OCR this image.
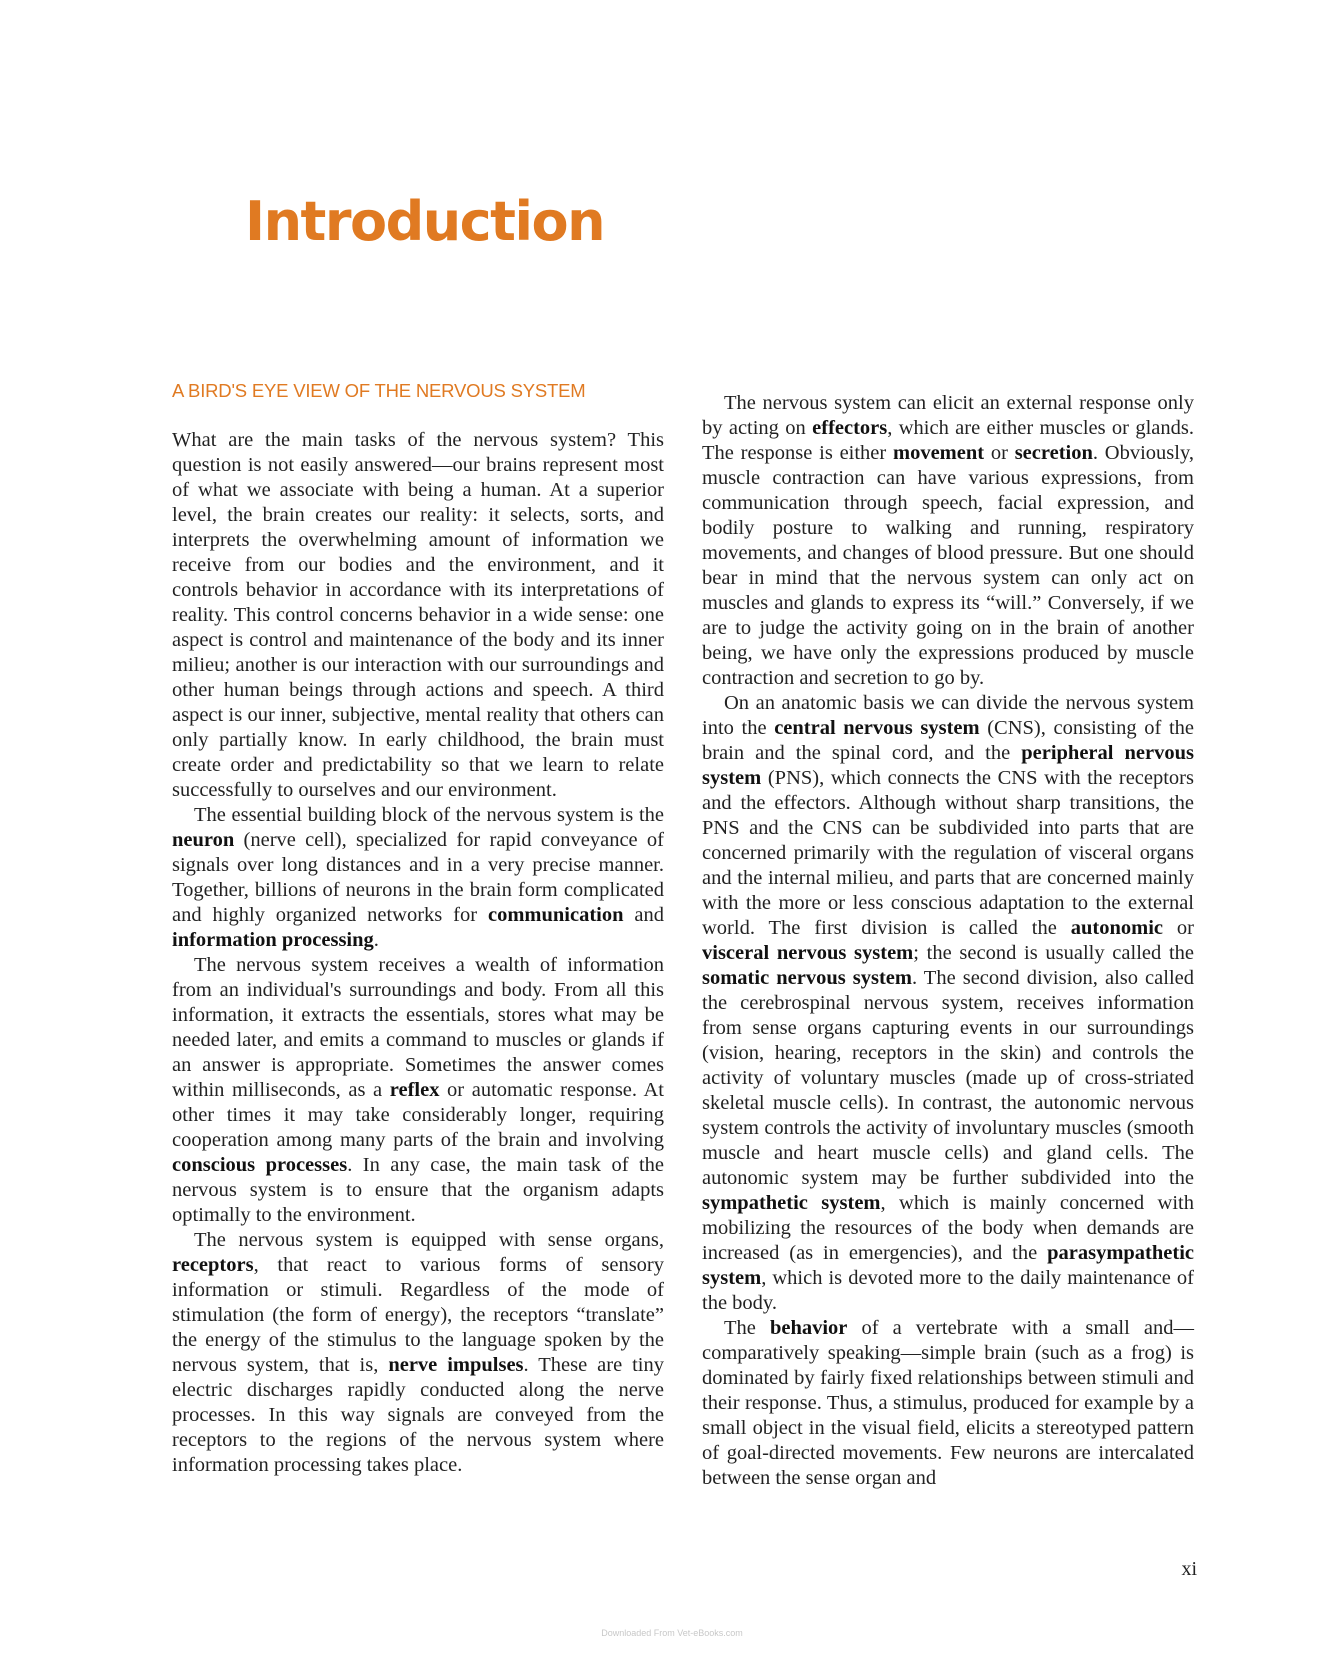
Introduction
A BIRD'S EYE VIEW OF THE NERVOUS SYSTEM

What are the main tasks of the nervous system? This question is not easily answered—our brains represent most of what we associate with being a human. At a superior level, the brain creates our reality: it selects, sorts, and interprets the overwhelming amount of information we receive from our bodies and the environment, and it controls behavior in accordance with its interpretations of reality. This control concerns behavior in a wide sense: one aspect is control and maintenance of the body and its inner milieu; another is our interaction with our surroundings and other human beings through actions and speech. A third aspect is our inner, subjective, mental reality that others can only partially know. In early childhood, the brain must create order and predictability so that we learn to relate successfully to ourselves and our environment.

The essential building block of the nervous system is the neuron (nerve cell), specialized for rapid conveyance of signals over long distances and in a very precise manner. Together, billions of neurons in the brain form complicated and highly organized networks for communication and information processing.

The nervous system receives a wealth of information from an individual's surroundings and body. From all this information, it extracts the essentials, stores what may be needed later, and emits a command to muscles or glands if an answer is appropriate. Sometimes the answer comes within milliseconds, as a reflex or automatic response. At other times it may take considerably longer, requiring cooperation among many parts of the brain and involving conscious processes. In any case, the main task of the nervous system is to ensure that the organism adapts optimally to the environment.

The nervous system is equipped with sense organs, receptors, that react to various forms of sensory information or stimuli. Regardless of the mode of stimulation (the form of energy), the receptors “translate” the energy of the stimulus to the language spoken by the nervous system, that is, nerve impulses. These are tiny electric discharges rapidly conducted along the nerve processes. In this way signals are conveyed from the receptors to the regions of the nervous system where information processing takes place.

The nervous system can elicit an external response only by acting on effectors, which are either muscles or glands. The response is either movement or secretion. Obviously, muscle contraction can have various expressions, from communication through speech, facial expression, and bodily posture to walking and running, respiratory movements, and changes of blood pressure. But one should bear in mind that the nervous system can only act on muscles and glands to express its “will.” Conversely, if we are to judge the activity going on in the brain of another being, we have only the expressions produced by muscle contraction and secretion to go by.

On an anatomic basis we can divide the nervous system into the central nervous system (CNS), consisting of the brain and the spinal cord, and the peripheral nervous system (PNS), which connects the CNS with the receptors and the effectors. Although without sharp transitions, the PNS and the CNS can be subdivided into parts that are concerned primarily with the regulation of visceral organs and the internal milieu, and parts that are concerned mainly with the more or less conscious adaptation to the external world. The first division is called the autonomic or visceral nervous system; the second is usually called the somatic nervous system. The second division, also called the cerebrospinal nervous system, receives information from sense organs capturing events in our surroundings (vision, hearing, receptors in the skin) and controls the activity of voluntary muscles (made up of cross-striated skeletal muscle cells). In contrast, the autonomic nervous system controls the activity of involuntary muscles (smooth muscle and heart muscle cells) and gland cells. The autonomic system may be further subdivided into the sympathetic system, which is mainly concerned with mobilizing the resources of the body when demands are increased (as in emergencies), and the parasympathetic system, which is devoted more to the daily maintenance of the body.

The behavior of a vertebrate with a small and—comparatively speaking—simple brain (such as a frog) is dominated by fairly fixed relationships between stimuli and their response. Thus, a stimulus, produced for example by a small object in the visual field, elicits a stereotyped pattern of goal-directed movements. Few neurons are intercalated between the sense organ and

xi
Downloaded From Vet-eBooks.com
